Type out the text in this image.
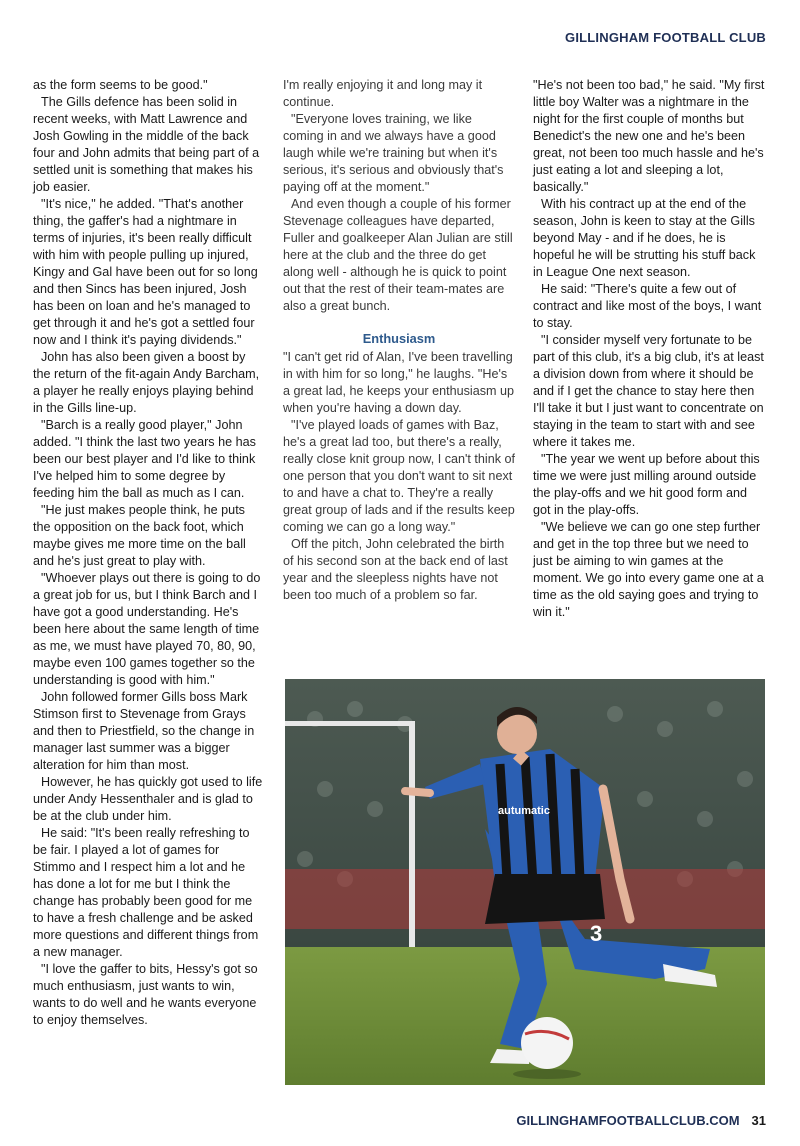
GILLINGHAM FOOTBALL CLUB

as the form seems to be good."

The Gills defence has been solid in recent weeks, with Matt Lawrence and Josh Gowling in the middle of the back four and John admits that being part of a settled unit is something that makes his job easier.

"It's nice," he added. "That's another thing, the gaffer's had a nightmare in terms of injuries, it's been really difficult with him with people pulling up injured, Kingy and Gal have been out for so long and then Sincs has been injured, Josh has been on loan and he's managed to get through it and he's got a settled four now and I think it's paying dividends."

John has also been given a boost by the return of the fit-again Andy Barcham, a player he really enjoys playing behind in the Gills line-up.

"Barch is a really good player," John added. "I think the last two years he has been our best player and I'd like to think I've helped him to some degree by feeding him the ball as much as I can.

"He just makes people think, he puts the opposition on the back foot, which maybe gives me more time on the ball and he's just great to play with.

"Whoever plays out there is going to do a great job for us, but I think Barch and I have got a good understanding. He's been here about the same length of time as me, we must have played 70, 80, 90, maybe even 100 games together so the understanding is good with him."

John followed former Gills boss Mark Stimson first to Stevenage from Grays and then to Priestfield, so the change in manager last summer was a bigger alteration for him than most.

However, he has quickly got used to life under Andy Hessenthaler and is glad to be at the club under him.

He said: "It's been really refreshing to be fair. I played a lot of games for Stimmo and I respect him a lot and he has done a lot for me but I think the change has probably been good for me to have a fresh challenge and be asked more questions and different things from a new manager.

"I love the gaffer to bits, Hessy's got so much enthusiasm, just wants to win, wants to do well and he wants everyone to enjoy themselves.

I'm really enjoying it and long may it continue.

"Everyone loves training, we like coming in and we always have a good laugh while we're training but when it's serious, it's serious and obviously that's paying off at the moment."

And even though a couple of his former Stevenage colleagues have departed, Fuller and goalkeeper Alan Julian are still here at the club and the three do get along well - although he is quick to point out that the rest of their team-mates are also a great bunch.

Enthusiasm

"I can't get rid of Alan, I've been travelling in with him for so long," he laughs. "He's a great lad, he keeps your enthusiasm up when you're having a down day.

"I've played loads of games with Baz, he's a great lad too, but there's a really, really close knit group now, I can't think of one person that you don't want to sit next to and have a chat to. They're a really great group of lads and if the results keep coming we can go a long way."

Off the pitch, John celebrated the birth of his second son at the back end of last year and the sleepless nights have not been too much of a problem so far.

"He's not been too bad," he said. "My first little boy Walter was a nightmare in the night for the first couple of months but Benedict's the new one and he's been great, not been too much hassle and he's just eating a lot and sleeping a lot, basically."

With his contract up at the end of the season, John is keen to stay at the Gills beyond May - and if he does, he is hopeful he will be strutting his stuff back in League One next season.

He said: "There's quite a few out of contract and like most of the boys, I want to stay.

"I consider myself very fortunate to be part of this club, it's a big club, it's at least a division down from where it should be and if I get the chance to stay here then I'll take it but I just want to concentrate on staying in the team to start with and see where it takes me.

"The year we went up before about this time we were just milling around outside the play-offs and we hit good form and got in the play-offs.

"We believe we can go one step further and get in the top three but we need to just be aiming to win games at the moment. We go into every game one at a time as the old saying goes and trying to win it."

autumatic
3
GILLINGHAMFOOTBALLCLUB.COM 31
